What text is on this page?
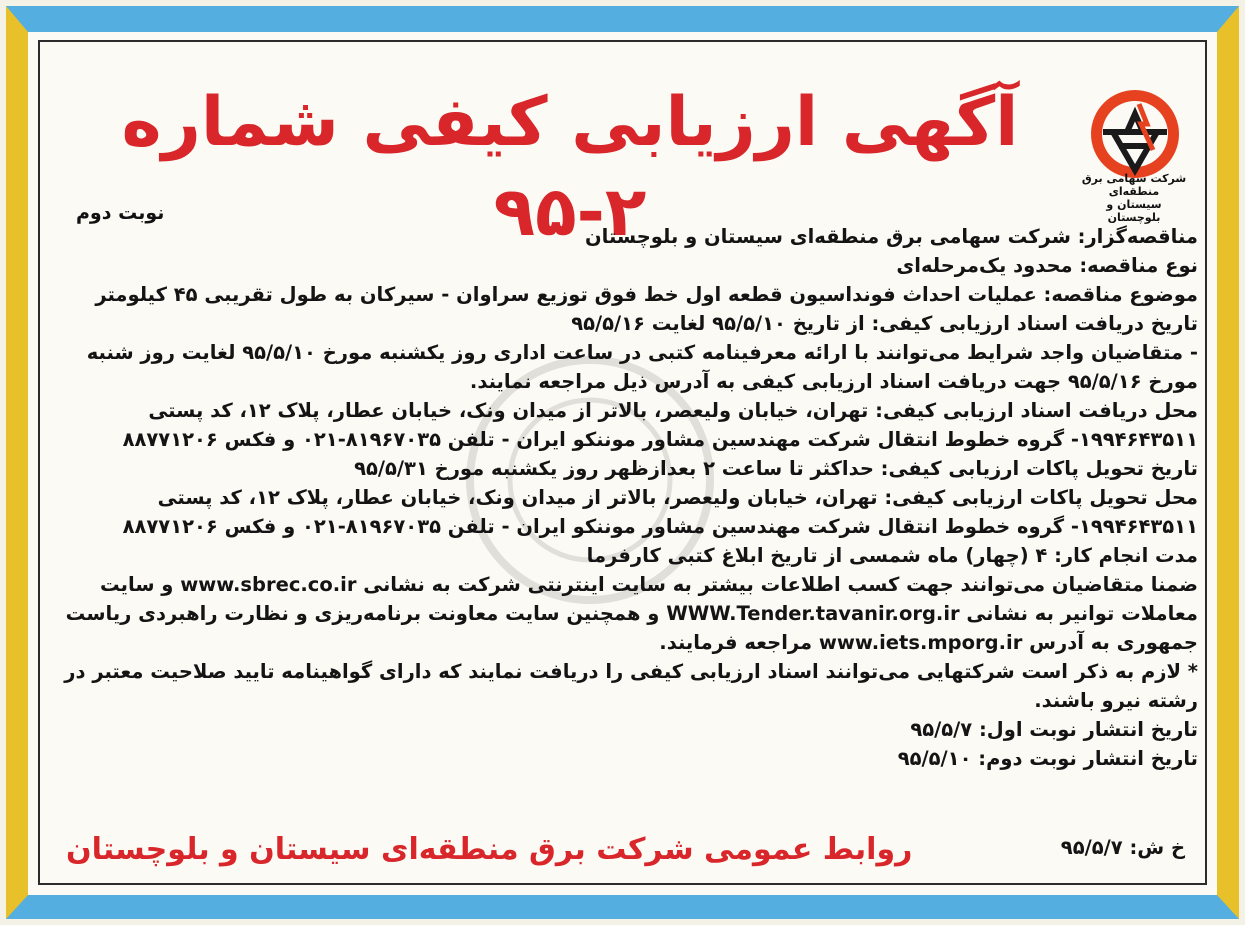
شرکت سهامی برق منطقه‌ای
سیستان و بلوچستان
آگهی ارزیابی کیفی شماره ۲-۹۵
نوبت دوم

مناقصه‌گزار: شرکت سهامی برق منطقه‌ای سیستان و بلوچستان

نوع مناقصه: محدود یک‌مرحله‌ای

موضوع مناقصه: عملیات احداث فونداسیون قطعه اول خط فوق توزیع سراوان - سیرکان به طول تقریبی ۴۵ کیلومتر

تاریخ دریافت اسناد ارزیابی کیفی: از تاریخ ۹۵/۵/۱۰ لغایت ۹۵/۵/۱۶

- متقاضیان واجد شرایط می‌توانند با ارائه معرفینامه کتبی در ساعت اداری روز یکشنبه مورخ ۹۵/۵/۱۰ لغایت روز شنبه مورخ ۹۵/۵/۱۶ جهت دریافت اسناد ارزیابی کیفی به آدرس ذیل مراجعه نمایند.

محل دریافت اسناد ارزیابی کیفی: تهران، خیابان ولیعصر، بالاتر از میدان ونک، خیابان عطار، پلاک ۱۲، کد پستی ۱۹۹۴۶۴۳۵۱۱- گروه خطوط انتقال شرکت مهندسین مشاور موننکو ایران - تلفن ۸۱۹۶۷۰۳۵-۰۲۱ و فکس ۸۸۷۷۱۲۰۶

تاریخ تحویل پاکات ارزیابی کیفی: حداکثر تا ساعت ۲ بعدازظهر روز یکشنبه مورخ ۹۵/۵/۳۱

محل تحویل پاکات ارزیابی کیفی: تهران، خیابان ولیعصر، بالاتر از میدان ونک، خیابان عطار، پلاک ۱۲، کد پستی ۱۹۹۴۶۴۳۵۱۱- گروه خطوط انتقال شرکت مهندسین مشاور موننکو ایران - تلفن ۸۱۹۶۷۰۳۵-۰۲۱ و فکس ۸۸۷۷۱۲۰۶

مدت انجام کار: ۴ (چهار) ماه شمسی از تاریخ ابلاغ کتبی کارفرما

ضمنا متقاضیان می‌توانند جهت کسب اطلاعات بیشتر به سایت اینترنتی شرکت به نشانی www.sbrec.co.ir و سایت معاملات توانیر به نشانی WWW.Tender.tavanir.org.ir و همچنین سایت معاونت برنامه‌ریزی و نظارت راهبردی ریاست جمهوری به آدرس www.iets.mporg.ir مراجعه فرمایند.

* لازم به ذکر است شرکتهایی می‌توانند اسناد ارزیابی کیفی را دریافت نمایند که دارای گواهینامه تایید صلاحیت معتبر در رشته نیرو باشند.

تاریخ انتشار نوبت اول: ۹۵/۵/۷

تاریخ انتشار نوبت دوم: ۹۵/۵/۱۰

روابط عمومی شرکت برق منطقه‌ای سیستان و بلوچستان	خ ش: ۹۵/۵/۷
